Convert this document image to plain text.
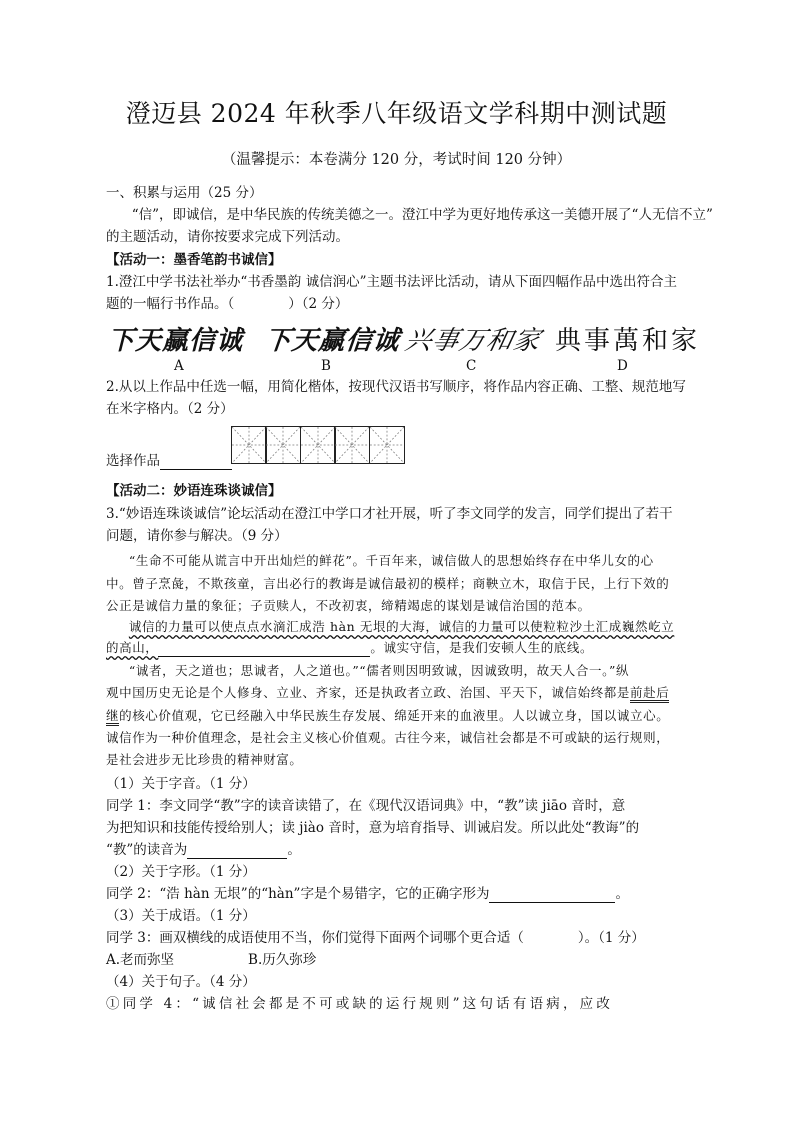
澄迈县 2024 年秋季八年级语文学科期中测试题
（温馨提示：本卷满分 120 分，考试时间 120 分钟）
一、积累与运用（25 分）
“信”，即诚信，是中华民族的传统美德之一。澄江中学为更好地传承这一美德开展了“人无信不立”
的主题活动，请你按要求完成下列活动。
【活动一：墨香笔韵书诚信】
1.澄江中学书法社举办“书香墨韵 诚信润心”主题书法评比活动，请从下面四幅作品中选出符合主
题的一幅行书作品。（　　　　）（2 分）
下天赢信诚 下天赢信诚 兴事万和家 典事萬和家
A	B	C	D
2.从以上作品中任选一幅，用简化楷体，按现代汉语书写顺序，将作品内容正确、工整、规范地写
在米字格内。（2 分）
选择作品
【活动二：妙语连珠谈诚信】
3.“妙语连珠谈诚信”论坛活动在澄江中学口才社开展，听了李文同学的发言，同学们提出了若干
问题，请你参与解决。（9 分）
“生命不可能从谎言中开出灿烂的鲜花”。千百年来，诚信做人的思想始终存在中华儿女的心
中。曾子烹彘，不欺孩童，言出必行的教诲是诚信最初的模样；商鞅立木，取信于民，上行下效的
公正是诚信力量的象征；子贡赎人，不改初衷，缔精竭虑的谋划是诚信治国的范本。
诚信的力量可以使点点水滴汇成浩 hàn 无垠的大海，诚信的力量可以使粒粒沙土汇成巍然屹立
的高山，	。诚实守信，是我们安顿人生的底线。
“诚者，天之道也；思诚者，人之道也。”“儒者则因明致诚，因诚致明，故天人合一。”纵
观中国历史无论是个人修身、立业、齐家，还是执政者立政、治国、平天下，诚信始终都是前赴后
继的核心价值观，它已经融入中华民族生存发展、绵延开来的血液里。人以诚立身，国以诚立心。
诚信作为一种价值理念，是社会主义核心价值观。古往今来，诚信社会都是不可或缺的运行规则，
是社会进步无比珍贵的精神财富。
（1）关于字音。（1 分）
同学 1：李文同学“教”字的读音读错了，在《现代汉语词典》中，“教”读 jiāo 音时，意
为把知识和技能传授给别人；读 jiào 音时，意为培育指导、训诫启发。所以此处“教诲”的
“教”的读音为	。
（2）关于字形。（1 分）
同学 2：“浩 hàn 无垠”的“hàn”字是个易错字，它的正确字形为	。
（3）关于成语。（1 分）
同学 3：画双横线的成语使用不当，你们觉得下面两个词哪个更合适（　　　　）。（1 分）
A.老而弥坚	B.历久弥珍
（4）关于句子。（4 分）
①同学 4：“诚信社会都是不可或缺的运行规则”这句话有语病，应改
